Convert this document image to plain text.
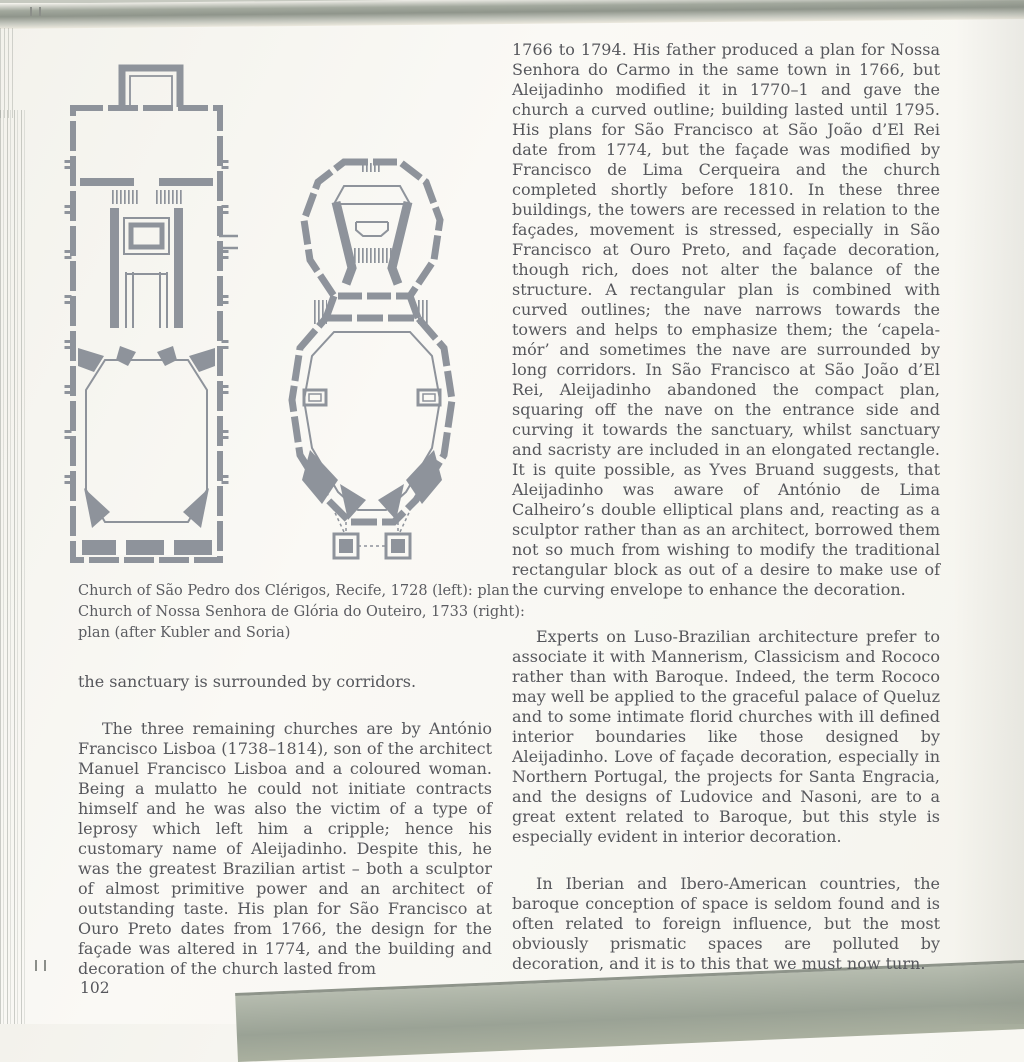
Church of São Pedro dos Clérigos, Recife, 1728 (left): plan
Church of Nossa Senhora de Glória do Outeiro, 1733 (right):
plan (after Kubler and Soria)

the sanctuary is surrounded by corridors.

The three remaining churches are by António Francisco Lisboa (1738–1814), son of the architect Manuel Francisco Lisboa and a coloured woman. Being a mulatto he could not initiate contracts himself and he was also the victim of a type of leprosy which left him a cripple; hence his customary name of Aleijadinho. Despite this, he was the greatest Brazilian artist – both a sculptor of almost primitive power and an architect of outstanding taste. His plan for São Francisco at Ouro Preto dates from 1766, the design for the façade was altered in 1774, and the building and decoration of the church lasted from

1766 to 1794. His father produced a plan for Nossa Senhora do Carmo in the same town in 1766, but Aleijadinho modified it in 1770–1 and gave the church a curved outline; building lasted until 1795. His plans for São Francisco at São João d’El Rei date from 1774, but the façade was modified by Francisco de Lima Cerqueira and the church completed shortly before 1810. In these three buildings, the towers are recessed in relation to the façades, movement is stressed, especially in São Francisco at Ouro Preto, and façade decoration, though rich, does not alter the balance of the structure. A rectangular plan is combined with curved outlines; the nave narrows towards the towers and helps to emphasize them; the ‘capela-mór’ and sometimes the nave are surrounded by long corridors. In São Francisco at São João d’El Rei, Aleijadinho abandoned the compact plan, squaring off the nave on the entrance side and curving it towards the sanctuary, whilst sanctuary and sacristy are included in an elongated rectangle. It is quite possible, as Yves Bruand suggests, that Aleijadinho was aware of António de Lima Calheiro’s double elliptical plans and, reacting as a sculptor rather than as an architect, borrowed them not so much from wishing to modify the traditional rectangular block as out of a desire to make use of the curving envelope to enhance the decoration.

Experts on Luso-Brazilian architecture prefer to associate it with Mannerism, Classicism and Rococo rather than with Baroque. Indeed, the term Rococo may well be applied to the graceful palace of Queluz and to some intimate florid churches with ill defined interior boundaries like those designed by Aleijadinho. Love of façade decoration, especially in Northern Portugal, the projects for Santa Engracia, and the designs of Ludovice and Nasoni, are to a great extent related to Baroque, but this style is especially evident in interior decoration.

In Iberian and Ibero-American countries, the baroque conception of space is seldom found and is often related to foreign influence, but the most obviously prismatic spaces are polluted by decoration, and it is to this that we must now turn.

102
